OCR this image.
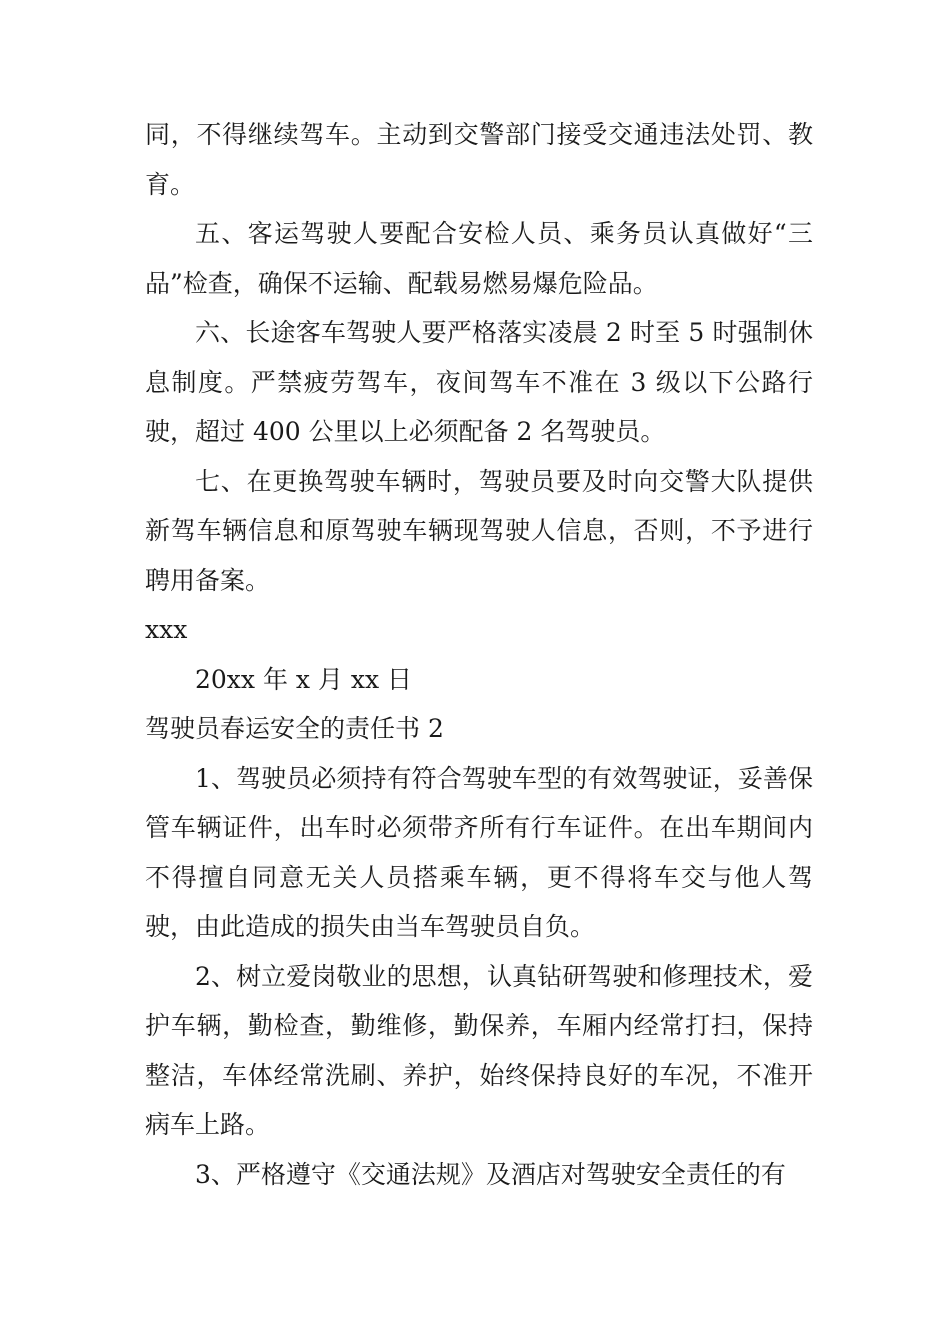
同，不得继续驾车。主动到交警部门接受交通违法处罚、教育。

五、客运驾驶人要配合安检人员、乘务员认真做好“三品”检查，确保不运输、配载易燃易爆危险品。

六、长途客车驾驶人要严格落实凌晨 2 时至 5 时强制休息制度。严禁疲劳驾车，夜间驾车不准在 3 级以下公路行驶，超过 400 公里以上必须配备 2 名驾驶员。

七、在更换驾驶车辆时，驾驶员要及时向交警大队提供新驾车辆信息和原驾驶车辆现驾驶人信息，否则，不予进行聘用备案。

xxx

20xx 年 x 月 xx 日

驾驶员春运安全的责任书 2

1、驾驶员必须持有符合驾驶车型的有效驾驶证，妥善保管车辆证件，出车时必须带齐所有行车证件。在出车期间内不得擅自同意无关人员搭乘车辆，更不得将车交与他人驾驶，由此造成的损失由当车驾驶员自负。

2、树立爱岗敬业的思想，认真钻研驾驶和修理技术，爱护车辆，勤检查，勤维修，勤保养，车厢内经常打扫，保持整洁，车体经常洗刷、养护，始终保持良好的车况，不准开病车上路。

3、严格遵守《交通法规》及酒店对驾驶安全责任的有
